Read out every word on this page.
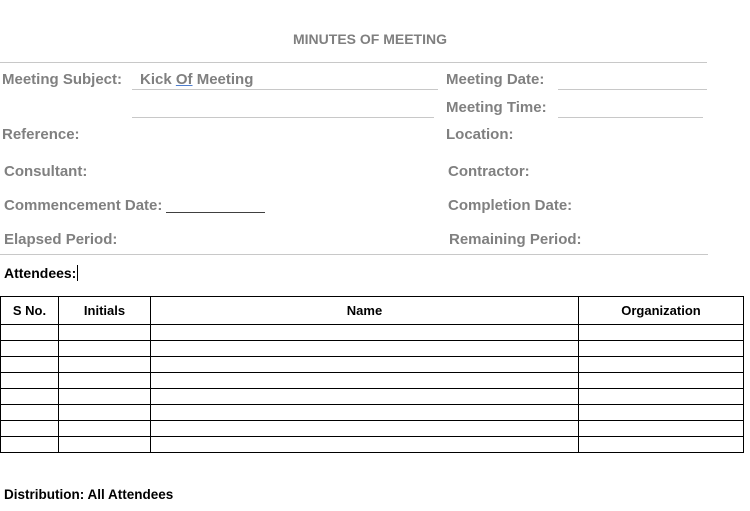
MINUTES OF MEETING
Meeting Subject: Kick Of Meeting	Meeting Date:
Meeting Time:
Reference:	Location:
Consultant:	Contractor:
Commencement Date:	Completion Date:
Elapsed Period:	Remaining Period:
Attendees:
S No.	Initials	Name	Organization

Distribution: All Attendees
